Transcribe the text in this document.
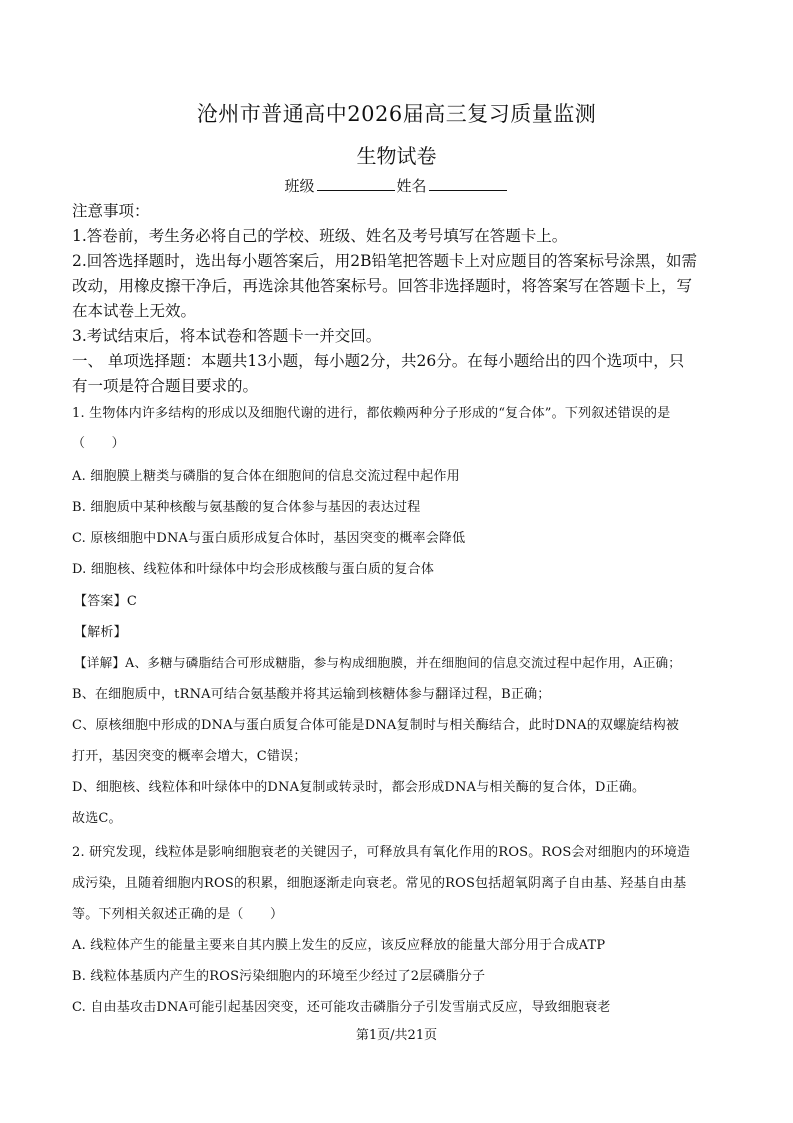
沧州市普通高中2026届高三复习质量监测
生物试卷
班级	姓名
注意事项：
1.答卷前，考生务必将自己的学校、班级、姓名及考号填写在答题卡上。
2.回答选择题时，选出每小题答案后，用2B铅笔把答题卡上对应题目的答案标号涂黑，如需
改动，用橡皮擦干净后，再选涂其他答案标号。回答非选择题时，将答案写在答题卡上，写
在本试卷上无效。
3.考试结束后，将本试卷和答题卡一并交回。
一、 单项选择题：本题共13小题，每小题2分，共26分。在每小题给出的四个选项中，只
有一项是符合题目要求的。
1. 生物体内许多结构的形成以及细胞代谢的进行，都依赖两种分子形成的“复合体”。下列叙述错误的是
（　　）
A. 细胞膜上糖类与磷脂的复合体在细胞间的信息交流过程中起作用
B. 细胞质中某种核酸与氨基酸的复合体参与基因的表达过程
C. 原核细胞中DNA与蛋白质形成复合体时，基因突变的概率会降低
D. 细胞核、线粒体和叶绿体中均会形成核酸与蛋白质的复合体
【答案】C
【解析】
【详解】A、多糖与磷脂结合可形成糖脂，参与构成细胞膜，并在细胞间的信息交流过程中起作用，A正确；
B、在细胞质中，tRNA可结合氨基酸并将其运输到核糖体参与翻译过程，B正确；
C、原核细胞中形成的DNA与蛋白质复合体可能是DNA复制时与相关酶结合，此时DNA的双螺旋结构被
打开，基因突变的概率会增大，C错误；
D、细胞核、线粒体和叶绿体中的DNA复制或转录时，都会形成DNA与相关酶的复合体，D正确。
故选C。
2. 研究发现，线粒体是影响细胞衰老的关键因子，可释放具有氧化作用的ROS。ROS会对细胞内的环境造
成污染，且随着细胞内ROS的积累，细胞逐渐走向衰老。常见的ROS包括超氧阴离子自由基、羟基自由基
等。下列相关叙述正确的是（　　）
A. 线粒体产生的能量主要来自其内膜上发生的反应，该反应释放的能量大部分用于合成ATP
B. 线粒体基质内产生的ROS污染细胞内的环境至少经过了2层磷脂分子
C. 自由基攻击DNA可能引起基因突变，还可能攻击磷脂分子引发雪崩式反应，导致细胞衰老
第1页/共21页
